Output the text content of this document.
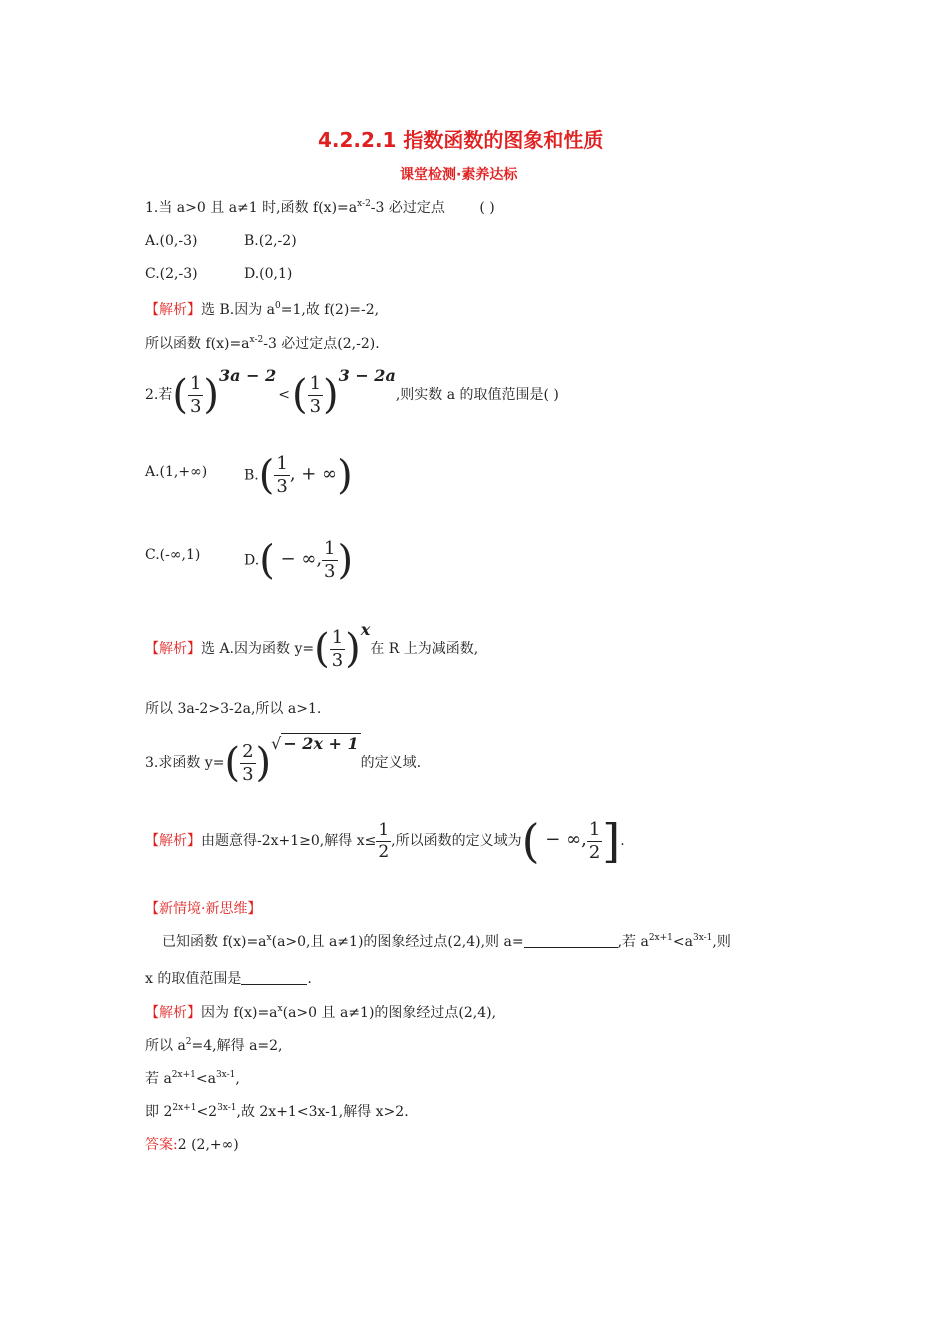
4.2.2.1 指数函数的图象和性质
课堂检测·素养达标
1.当 a>0 且 a≠1 时,函数 $f(x)=a^{x-2}-3$ 必过定点 ( )
A.(0,-3)	B.(2,-2)
C.(2,-3)	D.(0,1)
【解析】选 B.因为 $a^0=1$,故 f(2)=-2,
所以函数 $f(x)=a^{x-2}-3$ 必过定点(2,-2).
2.若( $\frac{1}{3} )3a - 2<( \frac{1}{3} )3 - 2a$,则实数 a 的取值范围是( )
A.(1,+∞)	$B.( \frac{1}{3}$ , + ∞)
C.(-∞,1)	D.( − ∞, $\frac{1}{3}$ )
【解析】选 A.因为函数 $y=( \frac{1}{3} )x$在 R 上为减函数,
所以 3a-2>3-2a,所以 a>1.
3.求函数 $y=( \frac{2}{3}$ )√− 2x + 1的定义域.
【解析】由题意得-2x+1≥0,解得 $x\le \frac{1}{2}$ ,所以函数的定义域为( − ∞, $\frac{1}{2}$ ].
【新情境·新思维】
已知函数 $f(x)=a^x(a>0$,且 a≠1)的图象经过点(2,4),则 a=	,若 $a^{2x+1}<a^{3x-1}$,则
x 的取值范围是	.
【解析】因为 $f(x)=a^x(a>0$ 且 a≠1)的图象经过点(2,4),
所以 $a^2=4$,解得 a=2,
若 $a^{2x+1}<a^{3x-1}$,
即 $2^{2x+1}<2^{3x-1}$,故 2x+1<3x-1,解得 x>2.
答案:2 (2,+∞)
